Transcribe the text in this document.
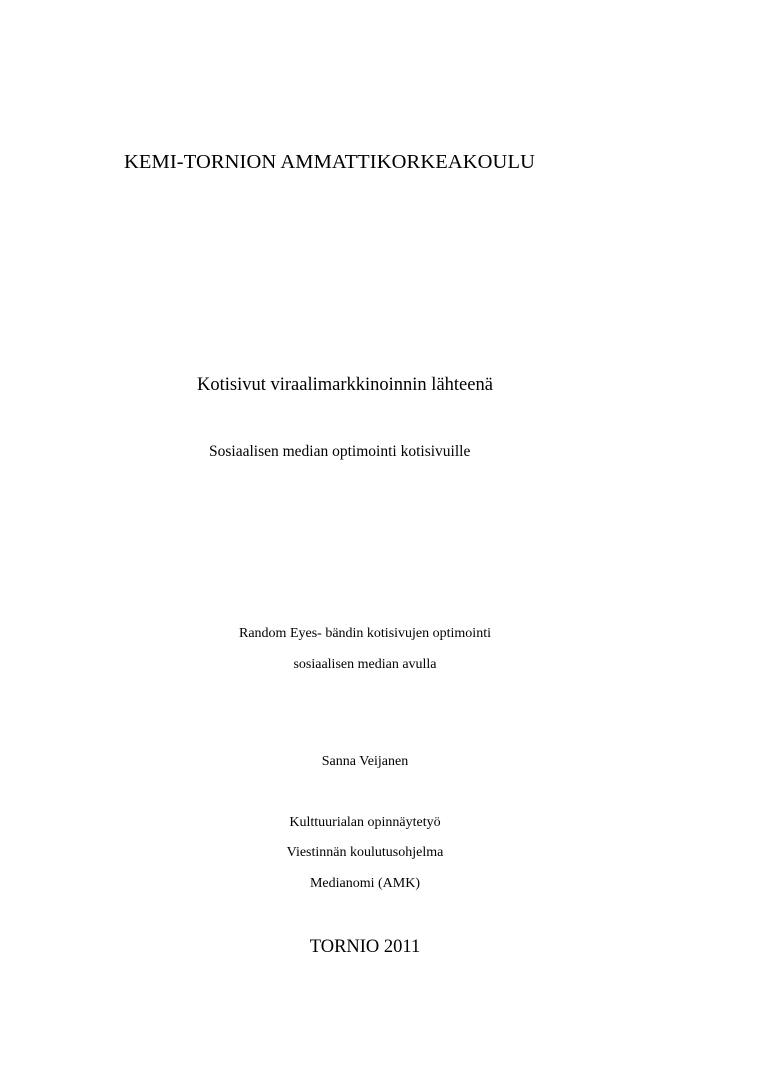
KEMI-TORNION AMMATTIKORKEAKOULU
Kotisivut viraalimarkkinoinnin lähteenä
Sosiaalisen median optimointi kotisivuille
Random Eyes- bändin kotisivujen optimointi
sosiaalisen median avulla
Sanna Veijanen
Kulttuurialan opinnäytetyö
Viestinnän koulutusohjelma
Medianomi (AMK)
TORNIO 2011
